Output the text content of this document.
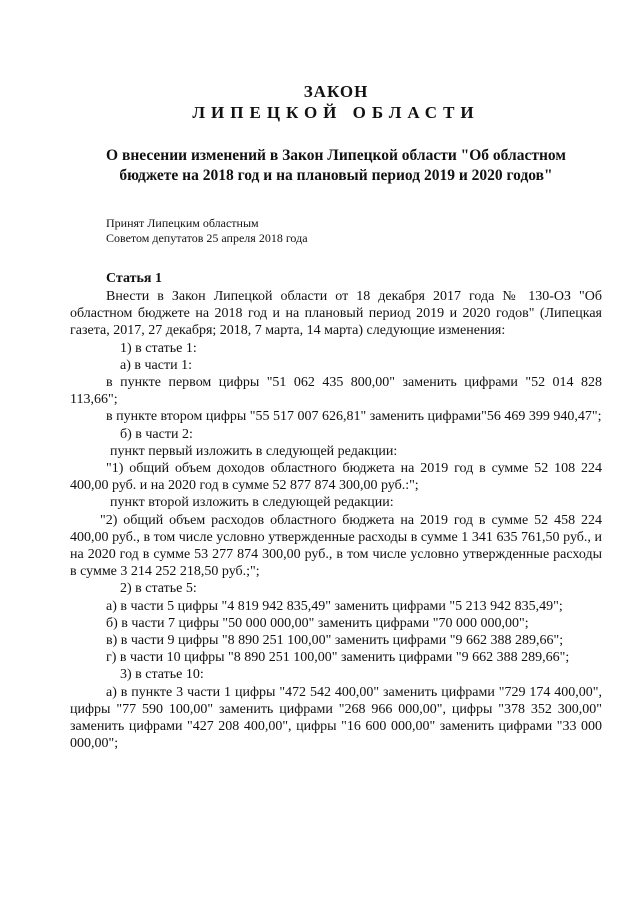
ЗАКОН

ЛИПЕЦКОЙ ОБЛАСТИ

О внесении изменений в Закон Липецкой области "Об областном
бюджете на 2018 год и на плановый период 2019 и 2020 годов"
Принят Липецким областным
Советом депутатов 25 апреля 2018 года

Статья 1

Внести в Закон Липецкой области от 18 декабря 2017 года № 130-ОЗ "Об областном бюджете на 2018 год и на плановый период 2019 и 2020 годов" (Липецкая газета, 2017, 27 декабря; 2018, 7 марта, 14 марта) следующие изменения:

1) в статье 1:

а) в части 1:

в пункте первом цифры "51 062 435 800,00" заменить цифрами "52 014 828 113,66";

в пункте втором цифры "55 517 007 626,81" заменить цифрами"56 469 399 940,47";

б) в части 2:

пункт первый изложить в следующей редакции:

"1) общий объем доходов областного бюджета на 2019 год в сумме 52 108 224 400,00 руб. и на 2020 год в сумме 52 877 874 300,00 руб.:";

пункт второй изложить в следующей редакции:

"2) общий объем расходов областного бюджета на 2019 год в сумме 52 458 224 400,00 руб., в том числе условно утвержденные расходы в сумме 1 341 635 761,50 руб., и на 2020 год в сумме 53 277 874 300,00 руб., в том числе условно утвержденные расходы в сумме 3 214 252 218,50 руб.;";

2) в статье 5:

а) в части 5 цифры "4 819 942 835,49" заменить цифрами "5 213 942 835,49";

б) в части 7 цифры "50 000 000,00" заменить цифрами "70 000 000,00";

в) в части 9 цифры "8 890 251 100,00" заменить цифрами "9 662 388 289,66";

г) в части 10 цифры "8 890 251 100,00" заменить цифрами "9 662 388 289,66";

3) в статье 10:

а) в пункте 3 части 1 цифры "472 542 400,00" заменить цифрами "729 174 400,00", цифры "77 590 100,00" заменить цифрами "268 966 000,00", цифры "378 352 300,00" заменить цифрами "427 208 400,00", цифры "16 600 000,00" заменить цифрами "33 000 000,00";
